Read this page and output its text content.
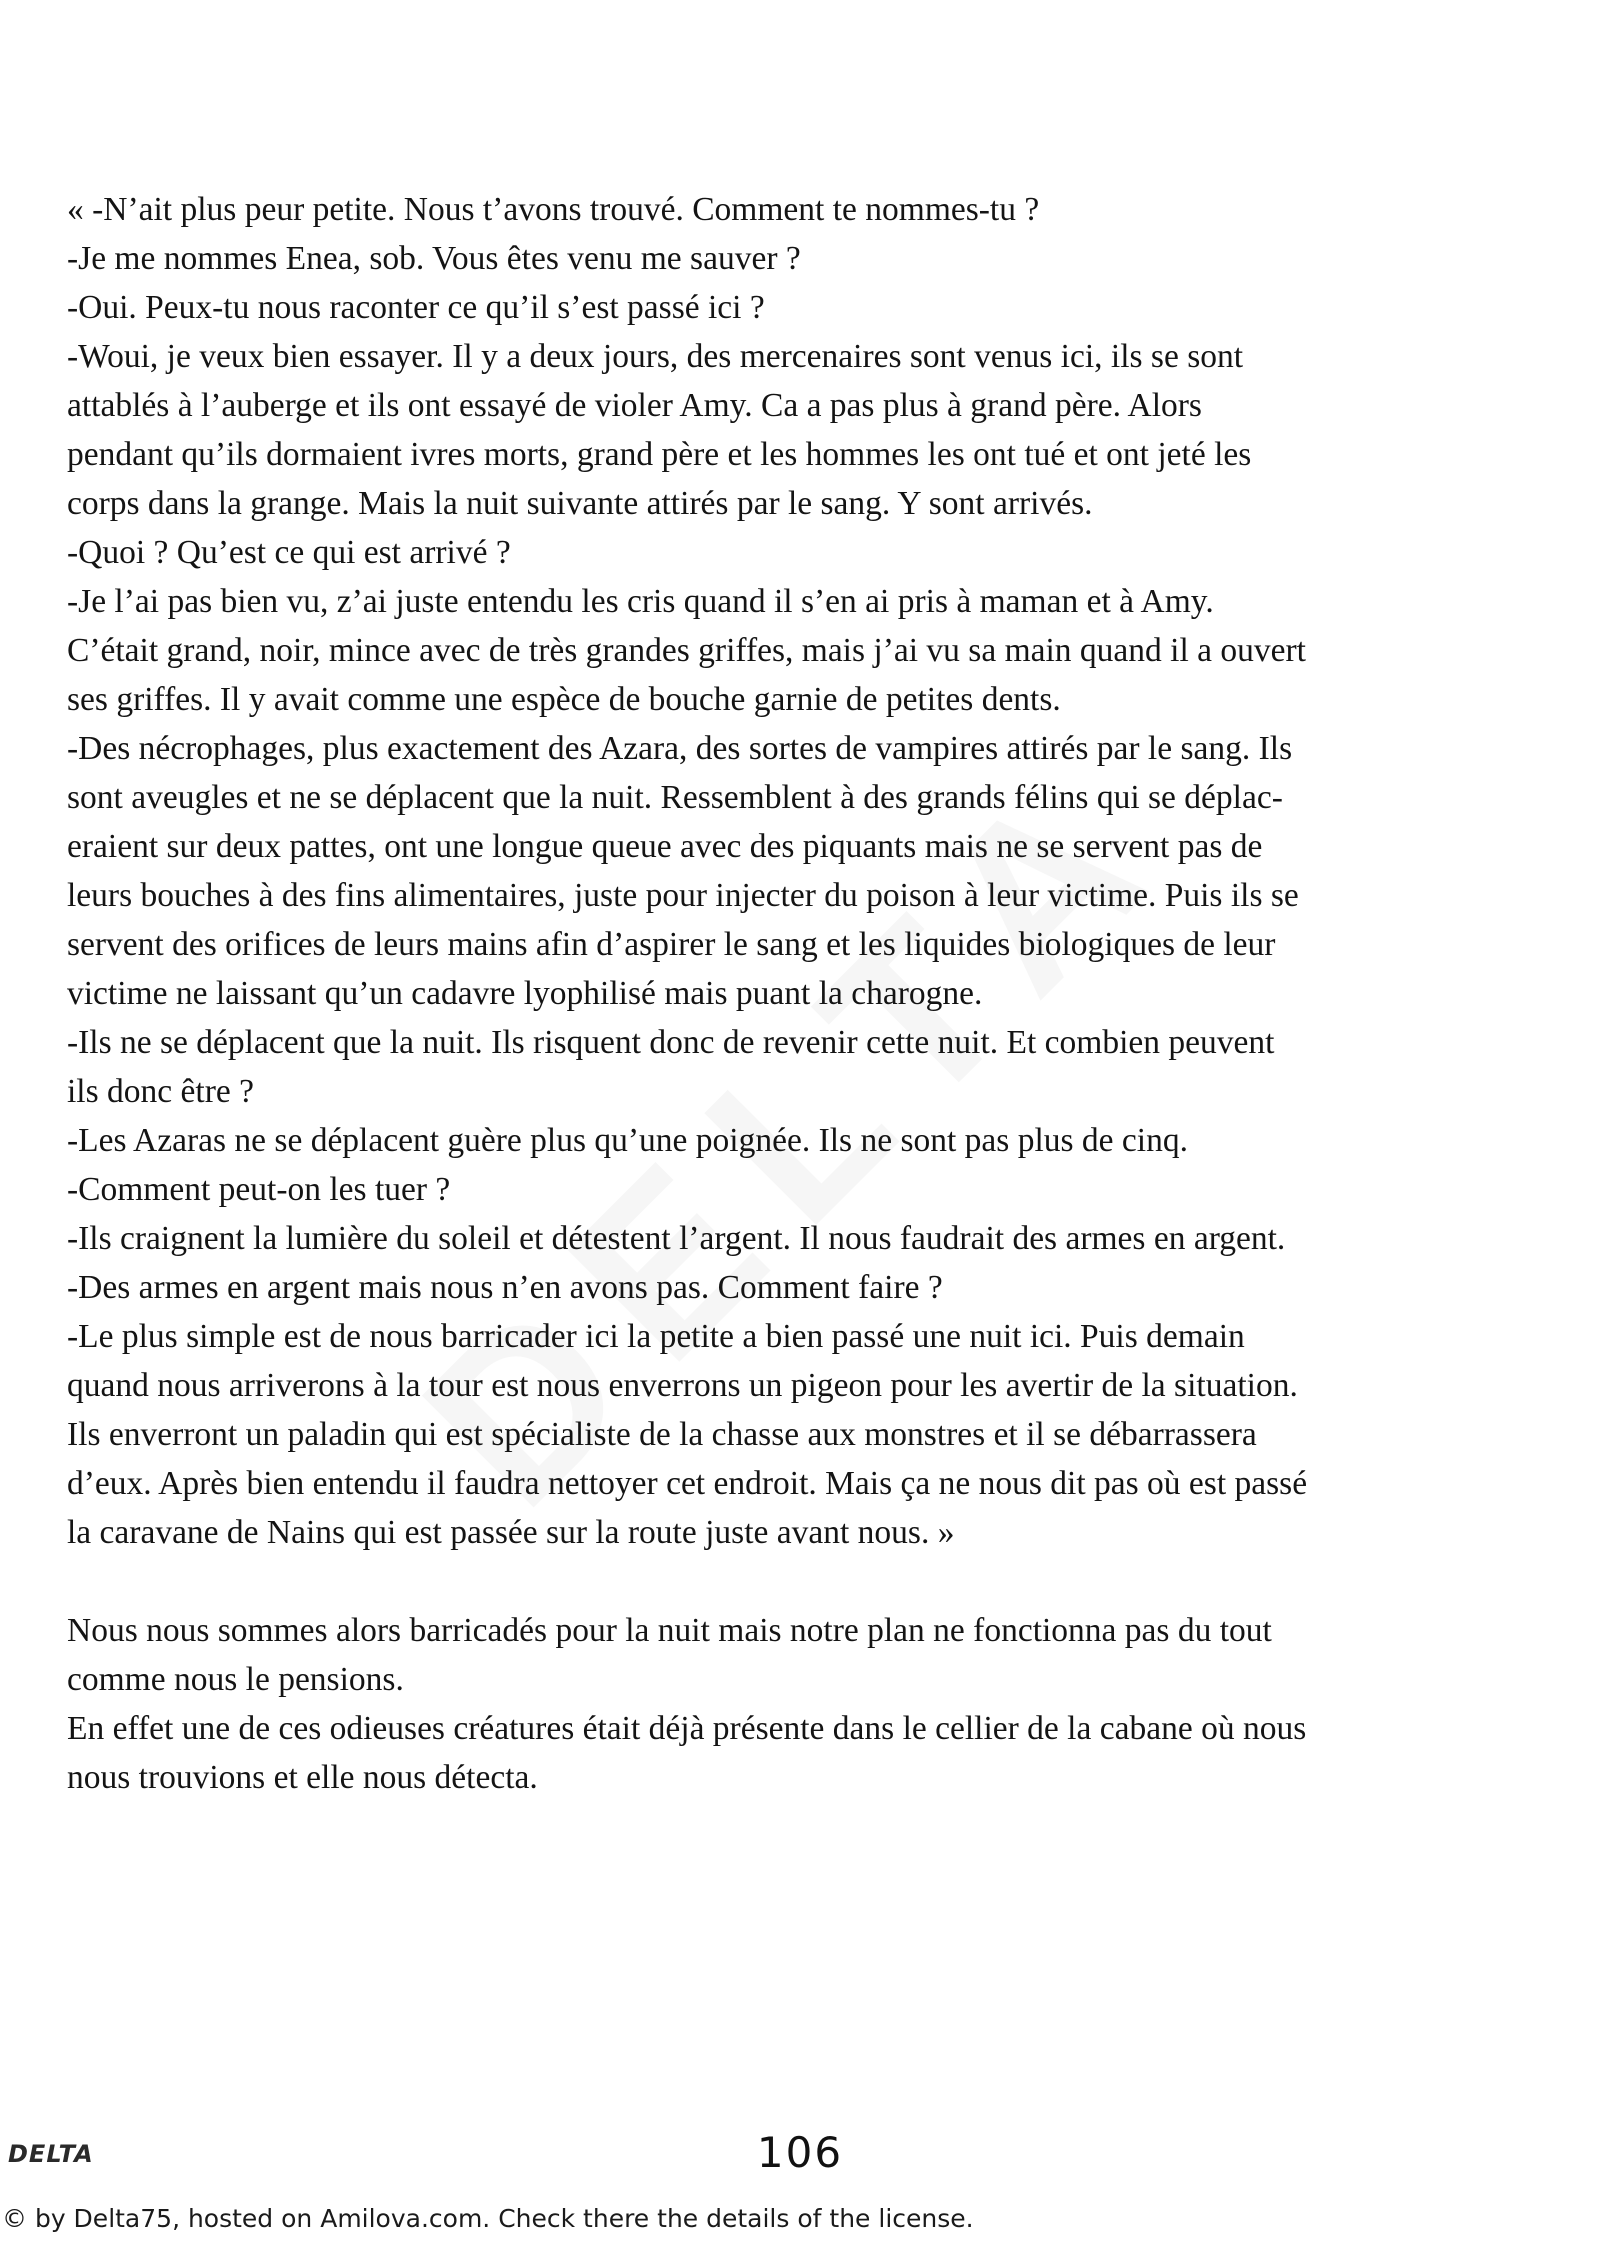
« -N’ait plus peur petite. Nous t’avons trouvé. Comment te nommes-tu ?
-Je me nommes Enea, sob. Vous êtes venu me sauver ?
-Oui. Peux-tu nous raconter ce qu’il s’est passé ici ?
-Woui, je veux bien essayer. Il y a deux jours, des mercenaires sont venus ici, ils se sont
attablés à l’auberge et ils ont essayé de violer Amy. Ca a pas plus à grand père. Alors
pendant qu’ils dormaient ivres morts, grand père et les hommes les ont tué et ont jeté les
corps dans la grange. Mais la nuit suivante attirés par le sang. Y sont arrivés.
-Quoi ? Qu’est ce qui est arrivé ?
-Je l’ai pas bien vu, z’ai juste entendu les cris quand il s’en ai pris à maman et à Amy.
C’était grand, noir, mince avec de très grandes griffes, mais j’ai vu sa main quand il a ouvert
ses griffes. Il y avait comme une espèce de bouche garnie de petites dents.
-Des nécrophages, plus exactement des Azara, des sortes de vampires attirés par le sang. Ils
sont aveugles et ne se déplacent que la nuit. Ressemblent à des grands félins qui se déplac-
eraient sur deux pattes, ont une longue queue avec des piquants mais ne se servent pas de
leurs bouches à des fins alimentaires, juste pour injecter du poison à leur victime. Puis ils se
servent des orifices de leurs mains afin d’aspirer le sang et les liquides biologiques de leur
victime ne laissant qu’un cadavre lyophilisé mais puant la charogne.
-Ils ne se déplacent que la nuit. Ils risquent donc de revenir cette nuit. Et combien peuvent
ils donc être ?
-Les Azaras ne se déplacent guère plus qu’une poignée. Ils ne sont pas plus de cinq.
-Comment peut-on les tuer ?
-Ils craignent la lumière du soleil et détestent l’argent. Il nous faudrait des armes en argent.
-Des armes en argent mais nous n’en avons pas. Comment faire ?
-Le plus simple est de nous barricader ici la petite a bien passé une nuit ici. Puis demain
quand nous arriverons à la tour est nous enverrons un pigeon pour les avertir de la situation.
Ils enverront un paladin qui est spécialiste de la chasse aux monstres et il se débarrassera
d’eux. Après bien entendu il faudra nettoyer cet endroit. Mais ça ne nous dit pas où est passé
la caravane de Nains qui est passée sur la route juste avant nous. »
Nous nous sommes alors barricadés pour la nuit mais notre plan ne fonctionna pas du tout
comme nous le pensions.
En effet une de ces odieuses créatures était déjà présente dans le cellier de la cabane où nous
nous trouvions et elle nous détecta.
DELTA	106
© by Delta75, hosted on Amilova.com. Check there the details of the license.
